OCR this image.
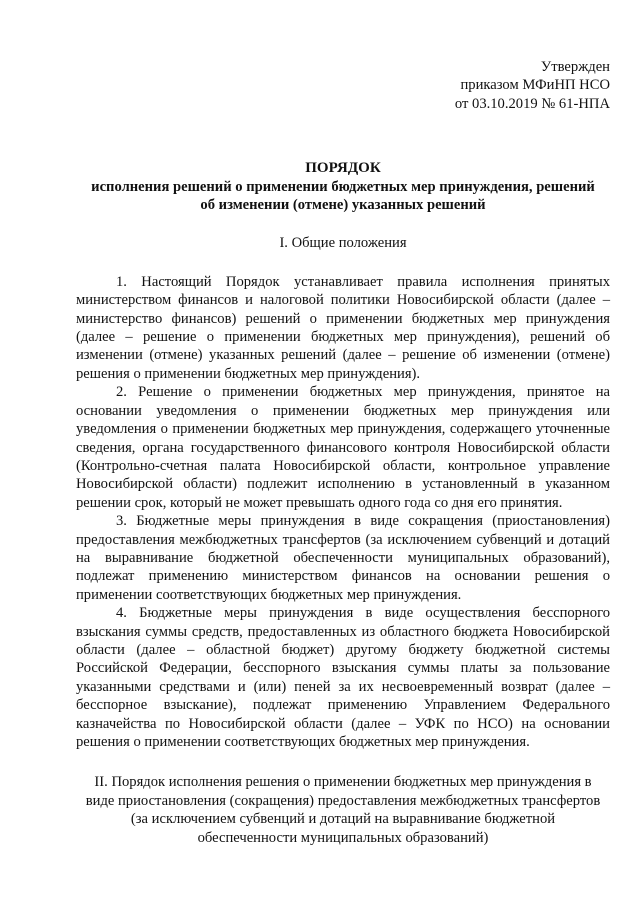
Утвержден
приказом МФиНП НСО
от 03.10.2019 № 61-НПА
ПОРЯДОК
исполнения решений о применении бюджетных мер принуждения, решений
об изменении (отмене) указанных решений
I. Общие положения

1. Настоящий Порядок устанавливает правила исполнения принятых министерством финансов и налоговой политики Новосибирской области (далее – министерство финансов) решений о применении бюджетных мер принуждения (далее – решение о применении бюджетных мер принуждения), решений об изменении (отмене) указанных решений (далее – решение об изменении (отмене) решения о применении бюджетных мер принуждения).

2. Решение о применении бюджетных мер принуждения, принятое на основании уведомления о применении бюджетных мер принуждения или уведомления о применении бюджетных мер принуждения, содержащего уточненные сведения, органа государственного финансового контроля Новосибирской области (Контрольно-счетная палата Новосибирской области, контрольное управление Новосибирской области) подлежит исполнению в установленный в указанном решении срок, который не может превышать одного года со дня его принятия.

3. Бюджетные меры принуждения в виде сокращения (приостановления) предоставления межбюджетных трансфертов (за исключением субвенций и дотаций на выравнивание бюджетной обеспеченности муниципальных образований), подлежат применению министерством финансов на основании решения о применении соответствующих бюджетных мер принуждения.

4. Бюджетные меры принуждения в виде осуществления бесспорного взыскания суммы средств, предоставленных из областного бюджета Новосибирской области (далее – областной бюджет) другому бюджету бюджетной системы Российской Федерации, бесспорного взыскания суммы платы за пользование указанными средствами и (или) пеней за их несвоевременный возврат (далее – бесспорное взыскание), подлежат применению Управлением Федерального казначейства по Новосибирской области (далее – УФК по НСО) на основании решения о применении соответствующих бюджетных мер принуждения.

II. Порядок исполнения решения о применении бюджетных мер принуждения в
виде приостановления (сокращения) предоставления межбюджетных трансфертов
(за исключением субвенций и дотаций на выравнивание бюджетной
обеспеченности муниципальных образований)
